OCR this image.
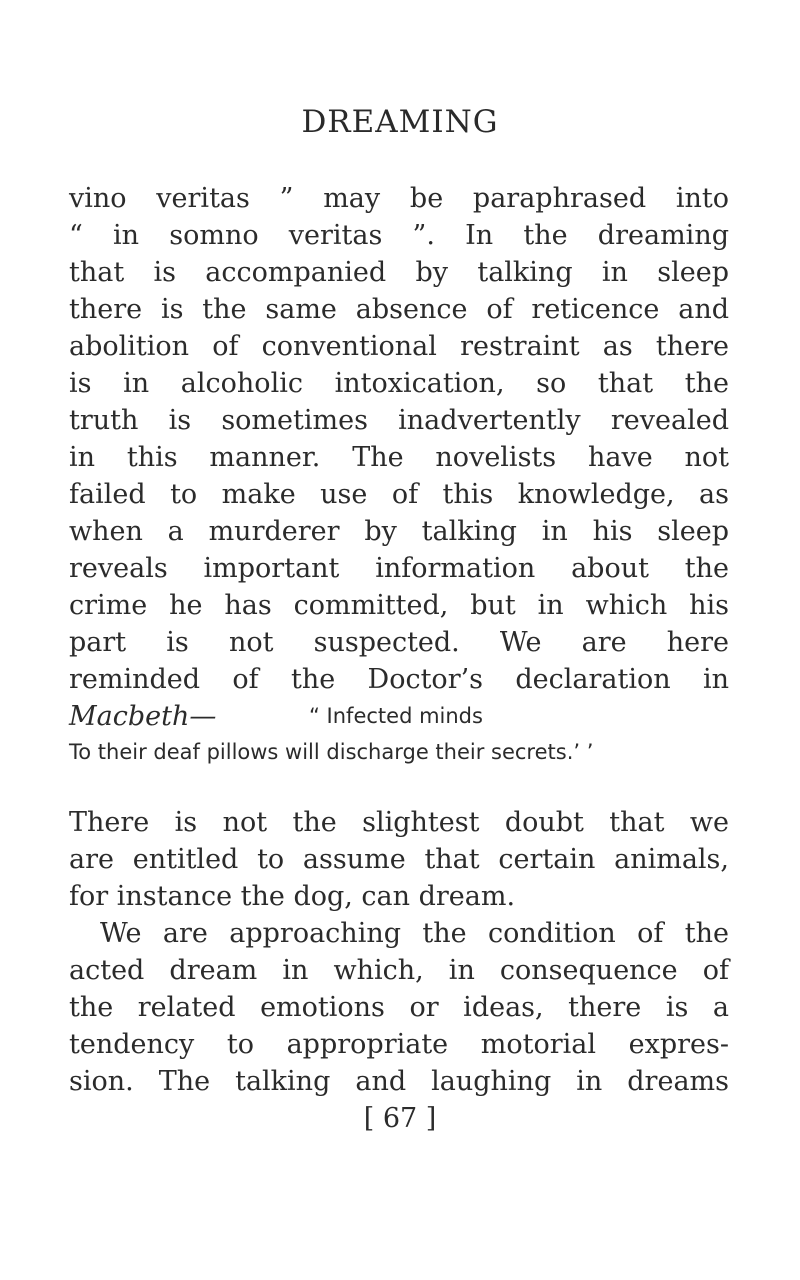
DREAMING
vino veritas ” may be paraphrased into
“ in somno veritas ”. In the dreaming
that is accompanied by talking in sleep
there is the same absence of reticence and
abolition of conventional restraint as there
is in alcoholic intoxication, so that the
truth is sometimes inadvertently revealed
in this manner. The novelists have not
failed to make use of this knowledge, as
when a murderer by talking in his sleep
reveals important information about the
crime he has committed, but in which his
part is not suspected. We are here
reminded of the Doctor’s declaration in
Macbeth—	“ Infected minds
To their deaf pillows will discharge their secrets.’ ’
There is not the slightest doubt that we
are entitled to assume that certain animals,
for instance the dog, can dream.
We are approaching the condition of the
acted dream in which, in consequence of
the related emotions or ideas, there is a
tendency to appropriate motorial expres-
sion. The talking and laughing in dreams
[ 67 ]
